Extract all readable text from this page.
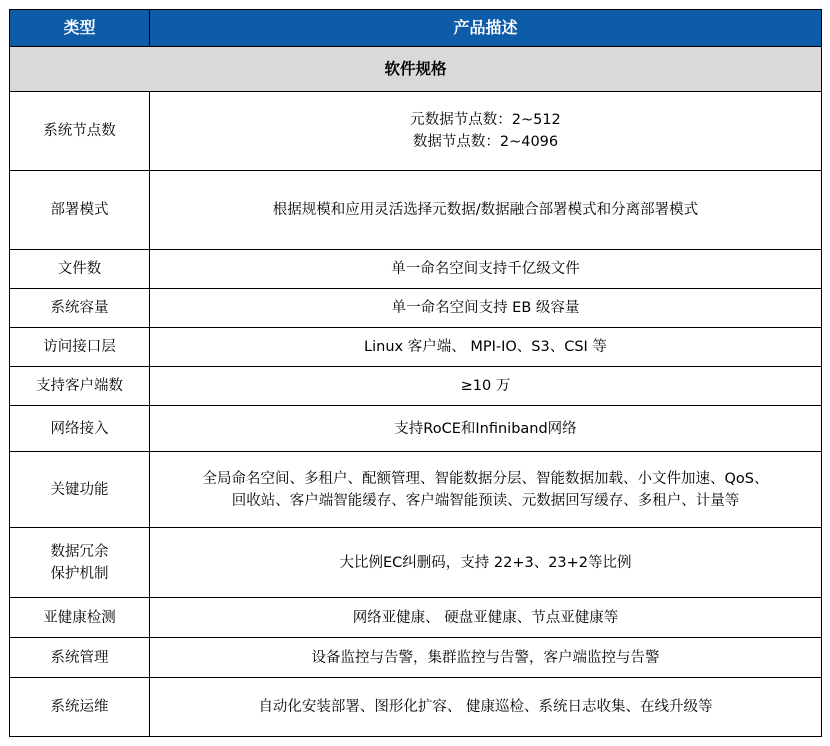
类型	产品描述
软件规格	

系统节点数	元数据节点数：2~512
数据节点数：2~4096

部署模式	根据规模和应用灵活选择元数据/数据融合部署模式和分离部署模式

文件数	单一命名空间支持千亿级文件

系统容量	单一命名空间支持 EB 级容量

访问接口层	Linux 客户端、 MPI-IO、S3、CSI 等

支持客户端数	≥10 万

网络接入	支持RoCE和Infiniband网络

关键功能	全局命名空间、多租户、配额管理、智能数据分层、智能数据加载、小文件加速、QoS、
回收站、客户端智能缓存、客户端智能预读、元数据回写缓存、多租户、计量等

数据冗余
保护机制	大比例EC纠删码，支持 22+3、23+2等比例

亚健康检测	网络亚健康、 硬盘亚健康、节点亚健康等

系统管理	设备监控与告警，集群监控与告警，客户端监控与告警

系统运维	自动化安装部署、图形化扩容、 健康巡检、系统日志收集、在线升级等
